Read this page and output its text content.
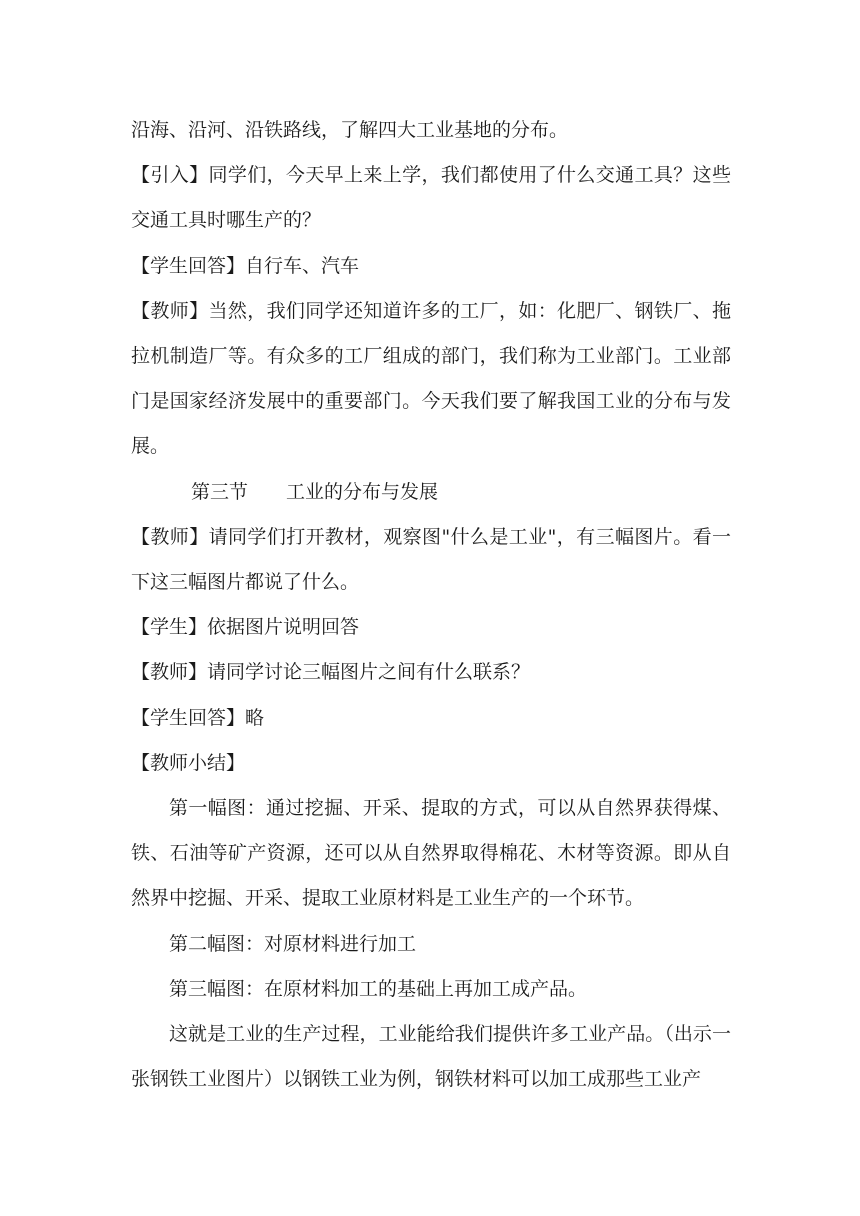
沿海、沿河、沿铁路线，了解四大工业基地的分布。

【引入】同学们，今天早上来上学，我们都使用了什么交通工具？这些交通工具时哪生产的？

【学生回答】自行车、汽车

【教师】当然，我们同学还知道许多的工厂，如：化肥厂、钢铁厂、拖拉机制造厂等。有众多的工厂组成的部门，我们称为工业部门。工业部门是国家经济发展中的重要部门。今天我们要了解我国工业的分布与发展。

第三节 工业的分布与发展

【教师】请同学们打开教材，观察图"什么是工业"，有三幅图片。看一下这三幅图片都说了什么。

【学生】依据图片说明回答

【教师】请同学讨论三幅图片之间有什么联系？

【学生回答】略

【教师小结】

第一幅图：通过挖掘、开采、提取的方式，可以从自然界获得煤、铁、石油等矿产资源，还可以从自然界取得棉花、木材等资源。即从自然界中挖掘、开采、提取工业原材料是工业生产的一个环节。

第二幅图：对原材料进行加工

第三幅图：在原材料加工的基础上再加工成产品。

这就是工业的生产过程，工业能给我们提供许多工业产品。（出示一张钢铁工业图片）以钢铁工业为例，钢铁材料可以加工成那些工业产
